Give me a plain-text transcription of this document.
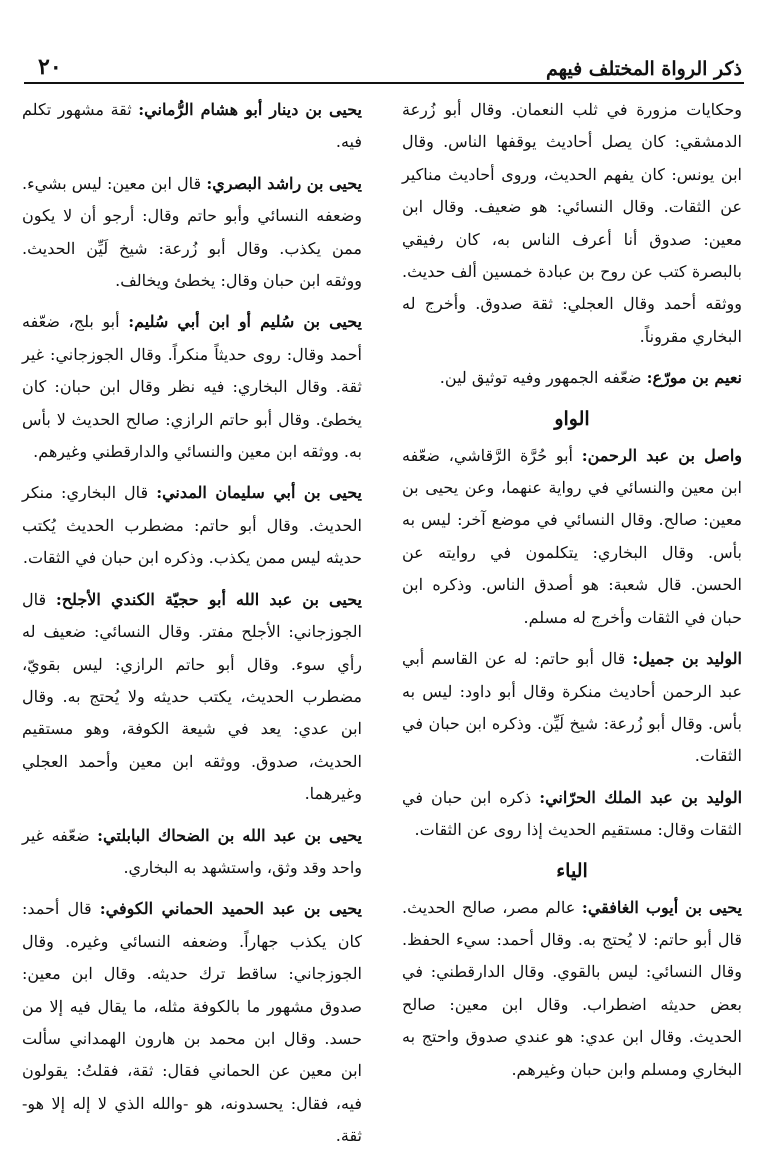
ذكر الرواة المختلف فيهم
٢٠

وحكايات مزورة في ثلب النعمان. وقال أبو زُرعة الدمشقي: كان يصل أحاديث يوقفها الناس. وقال ابن يونس: كان يفهم الحديث، وروى أحاديث مناكير عن الثقات. وقال النسائي: هو ضعيف. وقال ابن معين: صدوق أنا أعرف الناس به، كان رفيقي بالبصرة كتب عن روح بن عبادة خمسين ألف حديث. ووثقه أحمد وقال العجلي: ثقة صدوق. وأخرج له البخاري مقروناً.

نعيم بن مورّع: ضعّفه الجمهور وفيه توثيق لين.

الواو

واصل بن عبد الرحمن: أبو حُرَّة الرَّقاشي، ضعّفه ابن معين والنسائي في رواية عنهما، وعن يحيى بن معين: صالح. وقال النسائي في موضع آخر: ليس به بأس. وقال البخاري: يتكلمون في روايته عن الحسن. قال شعبة: هو أصدق الناس. وذكره ابن حبان في الثقات وأخرج له مسلم.

الوليد بن جميل: قال أبو حاتم: له عن القاسم أبي عبد الرحمن أحاديث منكرة وقال أبو داود: ليس به بأس. وقال أبو زُرعة: شيخ لَيِّن. وذكره ابن حبان في الثقات.

الوليد بن عبد الملك الحرّاني: ذكره ابن حبان في الثقات وقال: مستقيم الحديث إذا روى عن الثقات.

الياء

يحيى بن أيوب الغافقي: عالم مصر، صالح الحديث. قال أبو حاتم: لا يُحتج به. وقال أحمد: سيء الحفظ. وقال النسائي: ليس بالقوي. وقال الدارقطني: في بعض حديثه اضطراب. وقال ابن معين: صالح الحديث. وقال ابن عدي: هو عندي صدوق واحتج به البخاري ومسلم وابن حبان وغيرهم.

يحيى بن دينار أبو هشام الرُّماني: ثقة مشهور تكلم فيه.

يحيى بن راشد البصري: قال ابن معين: ليس بشيء. وضعفه النسائي وأبو حاتم وقال: أرجو أن لا يكون ممن يكذب. وقال أبو زُرعة: شيخ لَيِّن الحديث. ووثقه ابن حبان وقال: يخطئ ويخالف.

يحيى بن سُليم أو ابن أبي سُليم: أبو بلج، ضعّفه أحمد وقال: روى حديثاً منكراً. وقال الجوزجاني: غير ثقة. وقال البخاري: فيه نظر وقال ابن حبان: كان يخطئ. وقال أبو حاتم الرازي: صالح الحديث لا بأس به. ووثقه ابن معين والنسائي والدارقطني وغيرهم.

يحيى بن أبي سليمان المدني: قال البخاري: منكر الحديث. وقال أبو حاتم: مضطرب الحديث يُكتب حديثه ليس ممن يكذب. وذكره ابن حبان في الثقات.

يحيى بن عبد الله أبو حجيّة الكندي الأجلح: قال الجوزجاني: الأجلح مفتر. وقال النسائي: ضعيف له رأي سوء. وقال أبو حاتم الرازي: ليس بقويّ، مضطرب الحديث، يكتب حديثه ولا يُحتج به. وقال ابن عدي: يعد في شيعة الكوفة، وهو مستقيم الحديث، صدوق. ووثقه ابن معين وأحمد العجلي وغيرهما.

يحيى بن عبد الله بن الضحاك البابلتي: ضعّفه غير واحد وقد وثق، واستشهد به البخاري.

يحيى بن عبد الحميد الحماني الكوفي: قال أحمد: كان يكذب جهاراً. وضعفه النسائي وغيره. وقال الجوزجاني: ساقط ترك حديثه. وقال ابن معين: صدوق مشهور ما بالكوفة مثله، ما يقال فيه إلا من حسد. وقال ابن محمد بن هارون الهمداني سألت ابن معين عن الحماني فقال: ثقة، فقلتُ: يقولون فيه، فقال: يحسدونه، هو -والله الذي لا إله إلا هو- ثقة.
